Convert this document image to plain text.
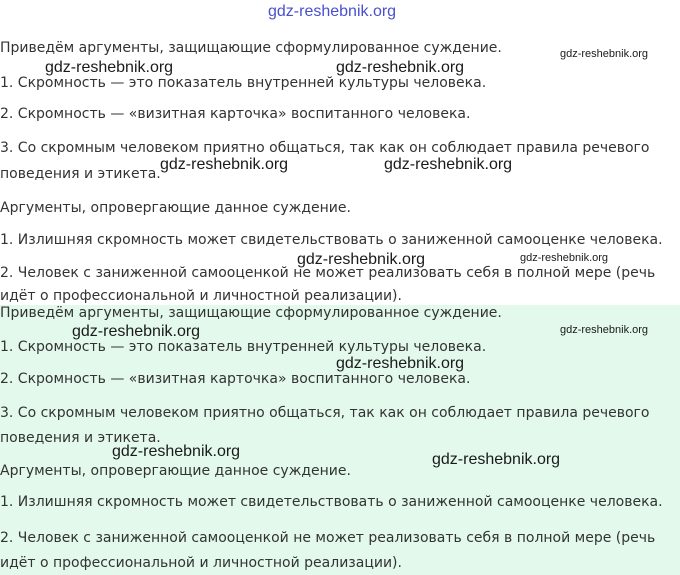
gdz-reshebnik.org
Приведём аргументы, защищающие сформулированное суждение.	gdz-reshebnik.org
gdz-reshebnik.org	gdz-reshebnik.org
1. Скромность — это показатель внутренней культуры человека.
2. Скромность — «визитная карточка» воспитанного человека.
3. Со скромным человеком приятно общаться, так как он соблюдает правила речевого
gdz-reshebnik.org	gdz-reshebnik.org
поведения и этикета.
Аргументы, опровергающие данное суждение.
1. Излишняя скромность может свидетельствовать о заниженной самооценке человека.
gdz-reshebnik.org	gdz-reshebnik.org
2. Человек с заниженной самооценкой не может реализовать себя в полной мере (речь
идёт о профессиональной и личностной реализации).
Приведём аргументы, защищающие сформулированное суждение.
gdz-reshebnik.org
gdz-reshebnik.org
1. Скромность — это показатель внутренней культуры человека.
gdz-reshebnik.org
2. Скромность — «визитная карточка» воспитанного человека.
3. Со скромным человеком приятно общаться, так как он соблюдает правила речевого
поведения и этикета.
gdz-reshebnik.org	gdz-reshebnik.org
Аргументы, опровергающие данное суждение.
1. Излишняя скромность может свидетельствовать о заниженной самооценке человека.
2. Человек с заниженной самооценкой не может реализовать себя в полной мере (речь
идёт о профессиональной и личностной реализации).
